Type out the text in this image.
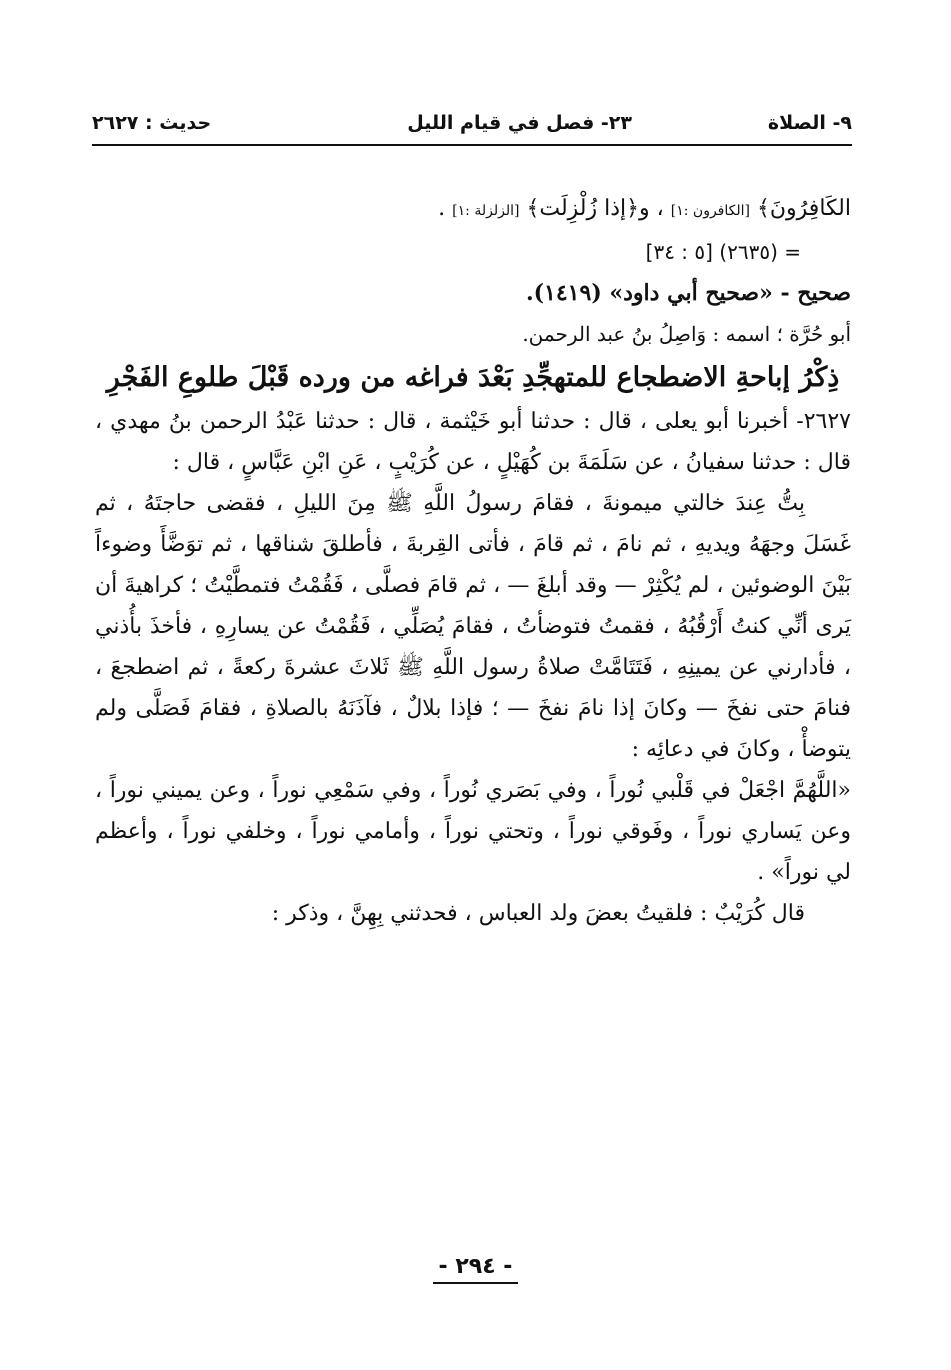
٩- الصلاة
٢٣- فصل في قيام الليل
حديث : ٢٦٢٧

الكَافِرُونَ﴾ [الكافرون :١] ، و﴿إذا زُلْزِلَت﴾ [الزلزلة :١] .

= (٢٦٣٥) [٥ : ٣٤]

صحيح - «صحيح أبي داود» (١٤١٩).

أبو حُرَّة ؛ اسمه : وَاصِلُ بنُ عبد الرحمن.

ذِكْرُ إباحةِ الاضطجاع للمتهجِّدِ بَعْدَ فراغه من ورده قَبْلَ طلوعِ الفَجْرِ

٢٦٢٧- أخبرنا أبو يعلى ، قال : حدثنا أبو خَيْثمة ، قال : حدثنا عَبْدُ الرحمن بنُ مهدي ، قال : حدثنا سفيانُ ، عن سَلَمَةَ بن كُهَيْلٍ ، عن كُرَيْبٍ ، عَنِ ابْنِ عَبَّاسٍ ، قال :

بِتُّ عِندَ خالتي ميمونةَ ، فقامَ رسولُ اللَّهِ ﷺ مِنَ الليلِ ، فقضى حاجتَهُ ، ثم غَسَلَ وجهَهُ ويديهِ ، ثم نامَ ، ثم قامَ ، فأتى القِربةَ ، فأطلقَ شناقها ، ثم توَضَّأَ وضوءاً بَيْنَ الوضوئين ، لم يُكْثِرْ — وقد أبلغَ — ، ثم قامَ فصلَّى ، فَقُمْتُ فتمطَّيْتُ ؛ كراهيةَ أن يَرى أنِّي كنتُ أَرْقُبُهُ ، فقمتُ فتوضأتُ ، فقامَ يُصَلِّي ، فَقُمْتُ عن يسارِهِ ، فأخذَ بأُذني ، فأدارني عن يمينِهِ ، فَتَتَامَّتْ صلاةُ رسول اللَّهِ ﷺ ثَلاثَ عشرةَ ركعةً ، ثم اضطجعَ ، فنامَ حتى نفخَ — وكانَ إذا نامَ نفخَ — ؛ فإذا بلالٌ ، فآذَنَهُ بالصلاةِ ، فقامَ فَصَلَّى ولم يتوضأْ ، وكانَ في دعائِه :

«اللَّهُمَّ اجْعَلْ في قَلْبي نُوراً ، وفي بَصَري نُوراً ، وفي سَمْعِي نوراً ، وعن يميني نوراً ، وعن يَساري نوراً ، وفَوقي نوراً ، وتحتي نوراً ، وأمامي نوراً ، وخلفي نوراً ، وأعظم لي نوراً» .

قال كُرَيْبٌ : فلقيتُ بعضَ ولد العباس ، فحدثني بِهِنَّ ، وذكر :

- ٢٩٤ -
